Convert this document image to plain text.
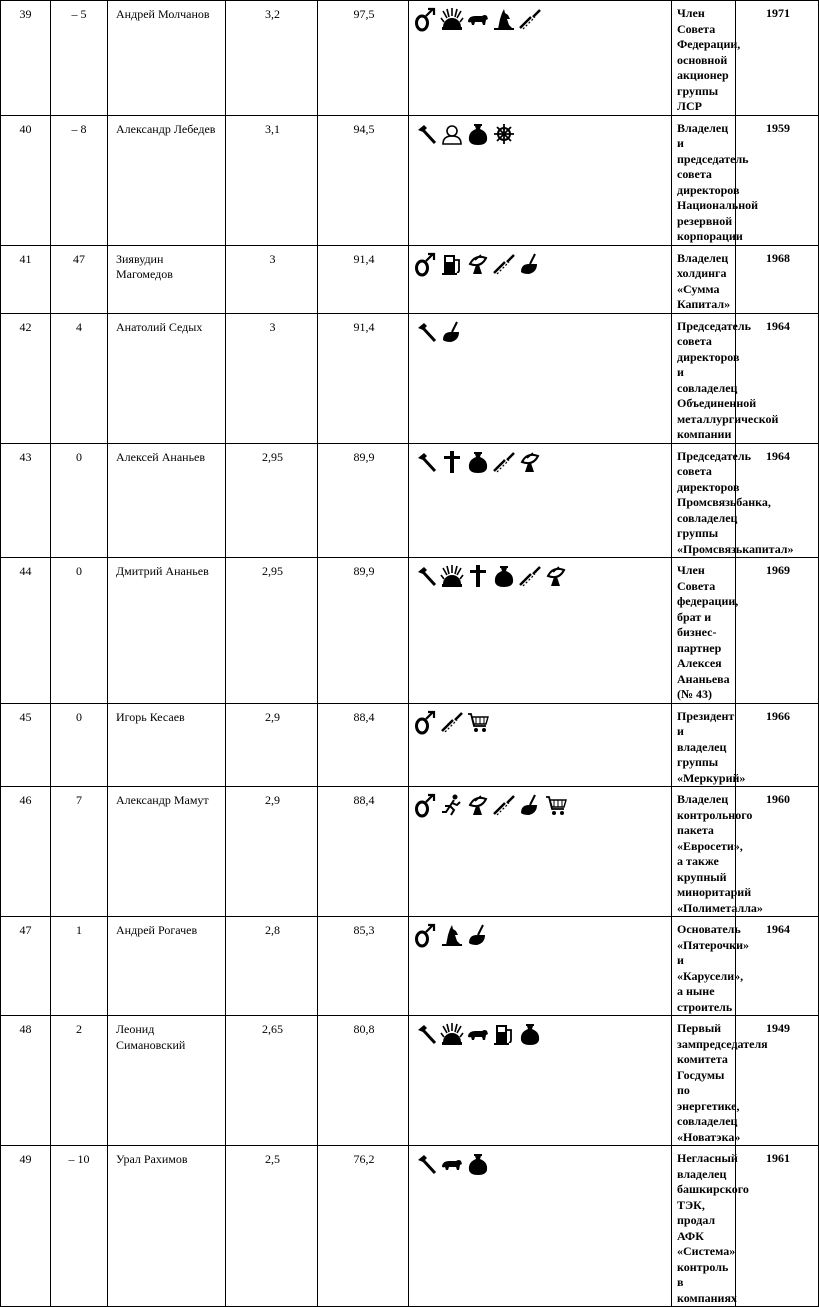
39	– 5	Андрей Молчанов	3,2	97,5		Член Совета Федерации, основной акционер группы ЛСР	1971
40	– 8	Александр Лебедев	3,1	94,5		Владелец и председатель совета директоров Национальной резервной корпорации	1959
41	47	Зиявудин Магомедов	3	91,4		Владелец холдинга «Сумма Капитал»	1968
42	4	Анатолий Седых	3	91,4		Председатель совета директоров и совладелец Объединенной металлургической компании	1964
43	0	Алексей Ананьев	2,95	89,9		Председатель совета директоров Промсвязьбанка, совладелец группы «Промсвязькапитал»	1964
44	0	Дмитрий Ананьев	2,95	89,9		Член Совета федерации, брат и бизнес-партнер Алексея Ананьева (№ 43)	1969
45	0	Игорь Кесаев	2,9	88,4		Президент и владелец группы «Меркурий»	1966
46	7	Александр Мамут	2,9	88,4		Владелец контрольного пакета «Евросети», а также крупный миноритарий «Полиметалла»	1960
47	1	Андрей Рогачев	2,8	85,3		Основатель «Пятерочки» и «Карусели», а ныне строитель	1964
48	2	Леонид Симановский	2,65	80,8		Первый зампредседателя комитета Госдумы по энергетике, совладелец «Новатэка»	1949
49	– 10	Урал Рахимов	2,5	76,2		Негласный владелец башкирского ТЭК, продал АФК «Система» контроль в компаниях	1961
